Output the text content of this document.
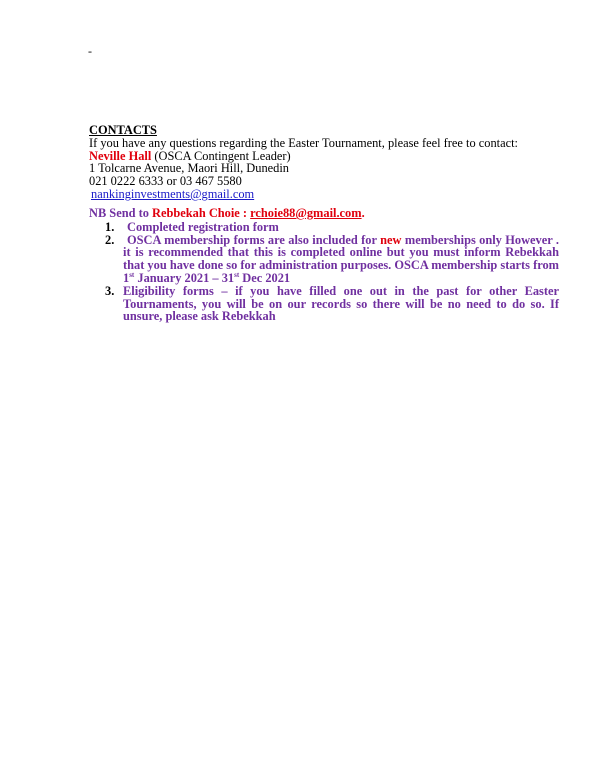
-
CONTACTS
If you have any questions regarding the Easter Tournament, please feel free to contact:
Neville Hall (OSCA Contingent Leader)
1 Tolcarne Avenue, Maori Hill, Dunedin
021 0222 6333 or 03 467 5580
nankinginvestments@gmail.com
NB Send to Rebbekah Choie : rchoie88@gmail.com.
1.	Completed registration form
2.	OSCA membership forms are also included for new memberships only However . it is recommended that this is completed online but you must inform Rebekkah that you have done so for administration purposes. OSCA membership starts from 1st January 2021 – 31st Dec 2021
3. Eligibility forms – if you have filled one out in the past for other Easter Tournaments, you will be on our records so there will be no need to do so. If unsure, please ask Rebekkah
